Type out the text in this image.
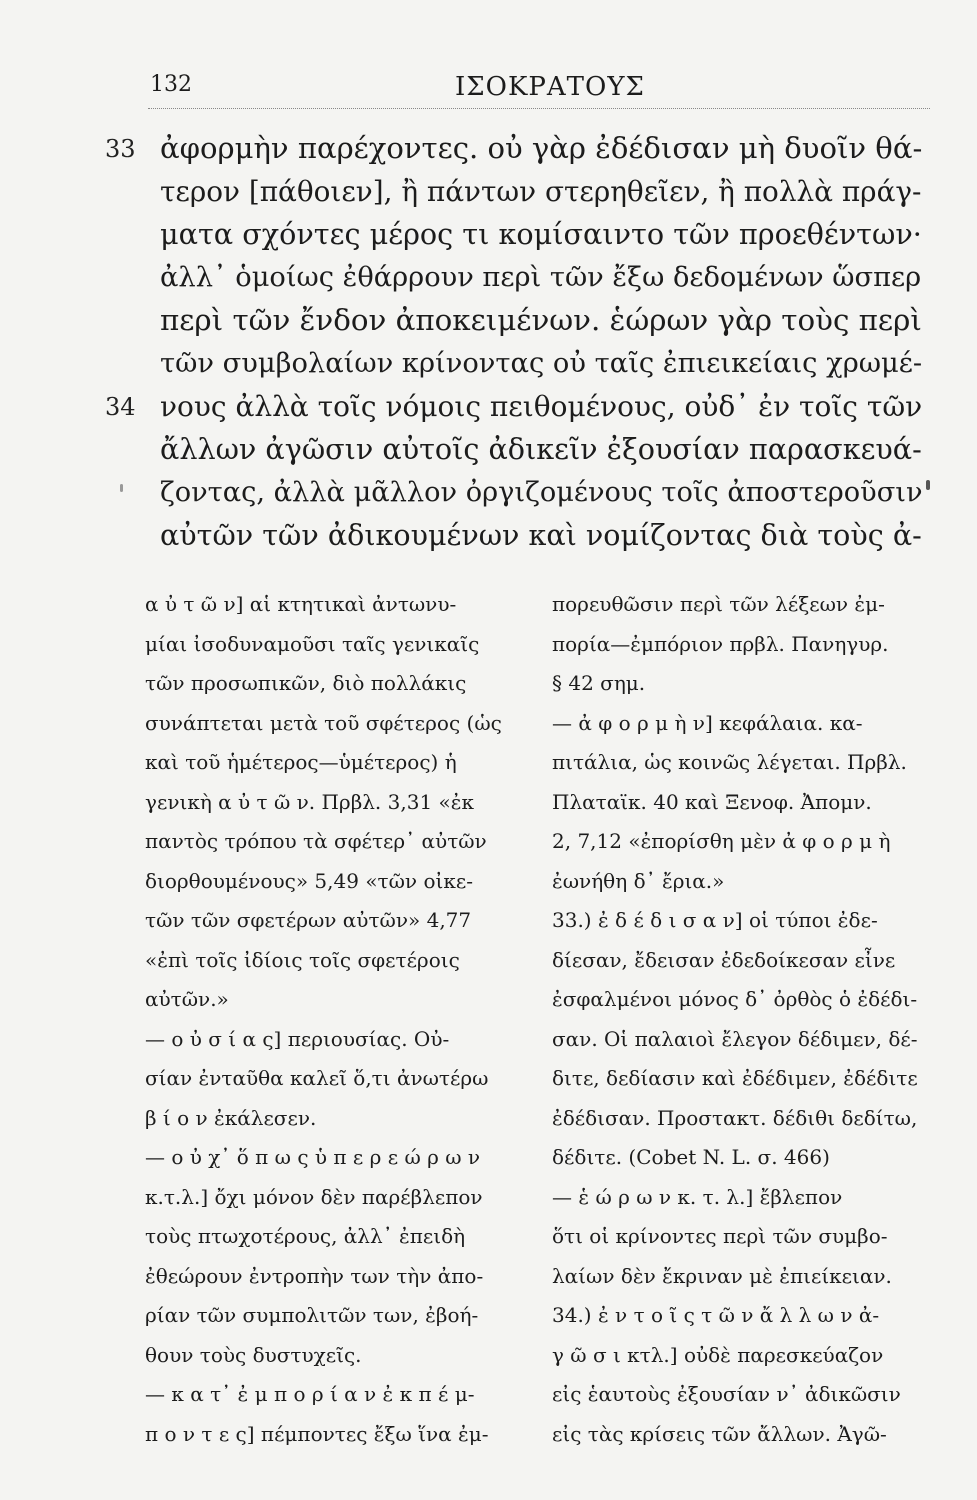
132	ΙΣΟΚΡΑΤΟΥΣ
33
34
ἀφορμὴν παρέχοντες. οὐ γὰρ ἐδέδισαν μὴ δυοῖν θά-
τερον [πάθοιεν], ἢ πάντων στερηθεῖεν, ἢ πολλὰ πράγ-
ματα σχόντες μέρος τι κομίσαιντο τῶν προεθέντων·
ἀλλ᾽ ὁμοίως ἐθάρρουν περὶ τῶν ἔξω δεδομένων ὥσπερ
περὶ τῶν ἔνδον ἀποκειμένων. ἑώρων γὰρ τοὺς περὶ
τῶν συμβολαίων κρίνοντας οὐ ταῖς ἐπιεικείαις χρωμέ-
νους ἀλλὰ τοῖς νόμοις πειθομένους, οὐδ᾽ ἐν τοῖς τῶν
ἄλλων ἀγῶσιν αὐτοῖς ἀδικεῖν ἐξουσίαν παρασκευά-
ζοντας, ἀλλὰ μᾶλλον ὀργιζομένους τοῖς ἀποστεροῦσιν
αὐτῶν τῶν ἀδικουμένων καὶ νομίζοντας διὰ τοὺς ἀ-
α ὐ τ ῶ ν] αἱ κτητικαὶ ἀντωνυ-
μίαι ἰσοδυναμοῦσι ταῖς γενικαῖς
τῶν προσωπικῶν, διὸ πολλάκις
συνάπτεται μετὰ τοῦ σφέτερος (ὡς
καὶ τοῦ ἡμέτερος—ὑμέτερος) ἡ
γενικὴ α ὐ τ ῶ ν. Πρβλ. 3,31 «ἐκ
παντὸς τρόπου τὰ σφέτερ᾽ αὐτῶν
διορθουμένους» 5,49 «τῶν οἰκε-
τῶν τῶν σφετέρων αὐτῶν» 4,77
«ἐπὶ τοῖς ἰδίοις τοῖς σφετέροις
αὐτῶν.»
— ο ὐ σ ί α ς] περιουσίας. Οὐ-
σίαν ἐνταῦθα καλεῖ ὅ,τι ἀνωτέρω
β ί ο ν ἐκάλεσεν.
— ο ὐ χ᾽ ὅ π ω ς ὑ π ε ρ ε ώ ρ ω ν
κ.τ.λ.] ὄχι μόνον δὲν παρέβλεπον
τοὺς πτωχοτέρους, ἀλλ᾽ ἐπειδὴ
ἐθεώρουν ἐντροπὴν των τὴν ἀπο-
ρίαν τῶν συμπολιτῶν των, ἐβοή-
θουν τοὺς δυστυχεῖς.
— κ α τ᾽ ἐ μ π ο ρ ί α ν ἐ κ π έ μ-
π ο ν τ ε ς] πέμποντες ἔξω ἵνα ἐμ-
πορευθῶσιν περὶ τῶν λέξεων ἐμ-
πορία—ἐμπόριον πρβλ. Πανηγυρ.
§ 42 σημ.
— ἀ φ ο ρ μ ὴ ν] κεφάλαια. κα-
πιτάλια, ὡς κοινῶς λέγεται. Πρβλ.
Πλαταϊκ. 40 καὶ Ξενοφ. Ἀπομν.
2, 7,12 «ἐπορίσθη μὲν ἀ φ ο ρ μ ὴ
ἐωνήθη δ᾽ ἔρια.»
33.) ἐ δ έ δ ι σ α ν] οἱ τύποι ἐδε-
δίεσαν, ἔδεισαν ἐδεδοίκεσαν εἶνε
ἐσφαλμένοι μόνος δ᾽ ὀρθὸς ὁ ἐδέδι-
σαν. Οἱ παλαιοὶ ἔλεγον δέδιμεν, δέ-
διτε, δεδίασιν καὶ ἐδέδιμεν, ἐδέδιτε
ἐδέδισαν. Προστακτ. δέδιθι δεδίτω,
δέδιτε. (Cobet N. L. σ. 466)
— ἑ ώ ρ ω ν κ. τ. λ.] ἔβλεπον
ὅτι οἱ κρίνοντες περὶ τῶν συμβο-
λαίων δὲν ἔκριναν μὲ ἐπιείκειαν.
34.) ἐ ν τ ο ῖ ς τ ῶ ν ἄ λ λ ω ν ἀ-
γ ῶ σ ι κτλ.] οὐδὲ παρεσκεύαζον
εἰς ἑαυτοὺς ἐξουσίαν ν᾽ ἀδικῶσιν
εἰς τὰς κρίσεις τῶν ἄλλων. Ἀγῶ-
